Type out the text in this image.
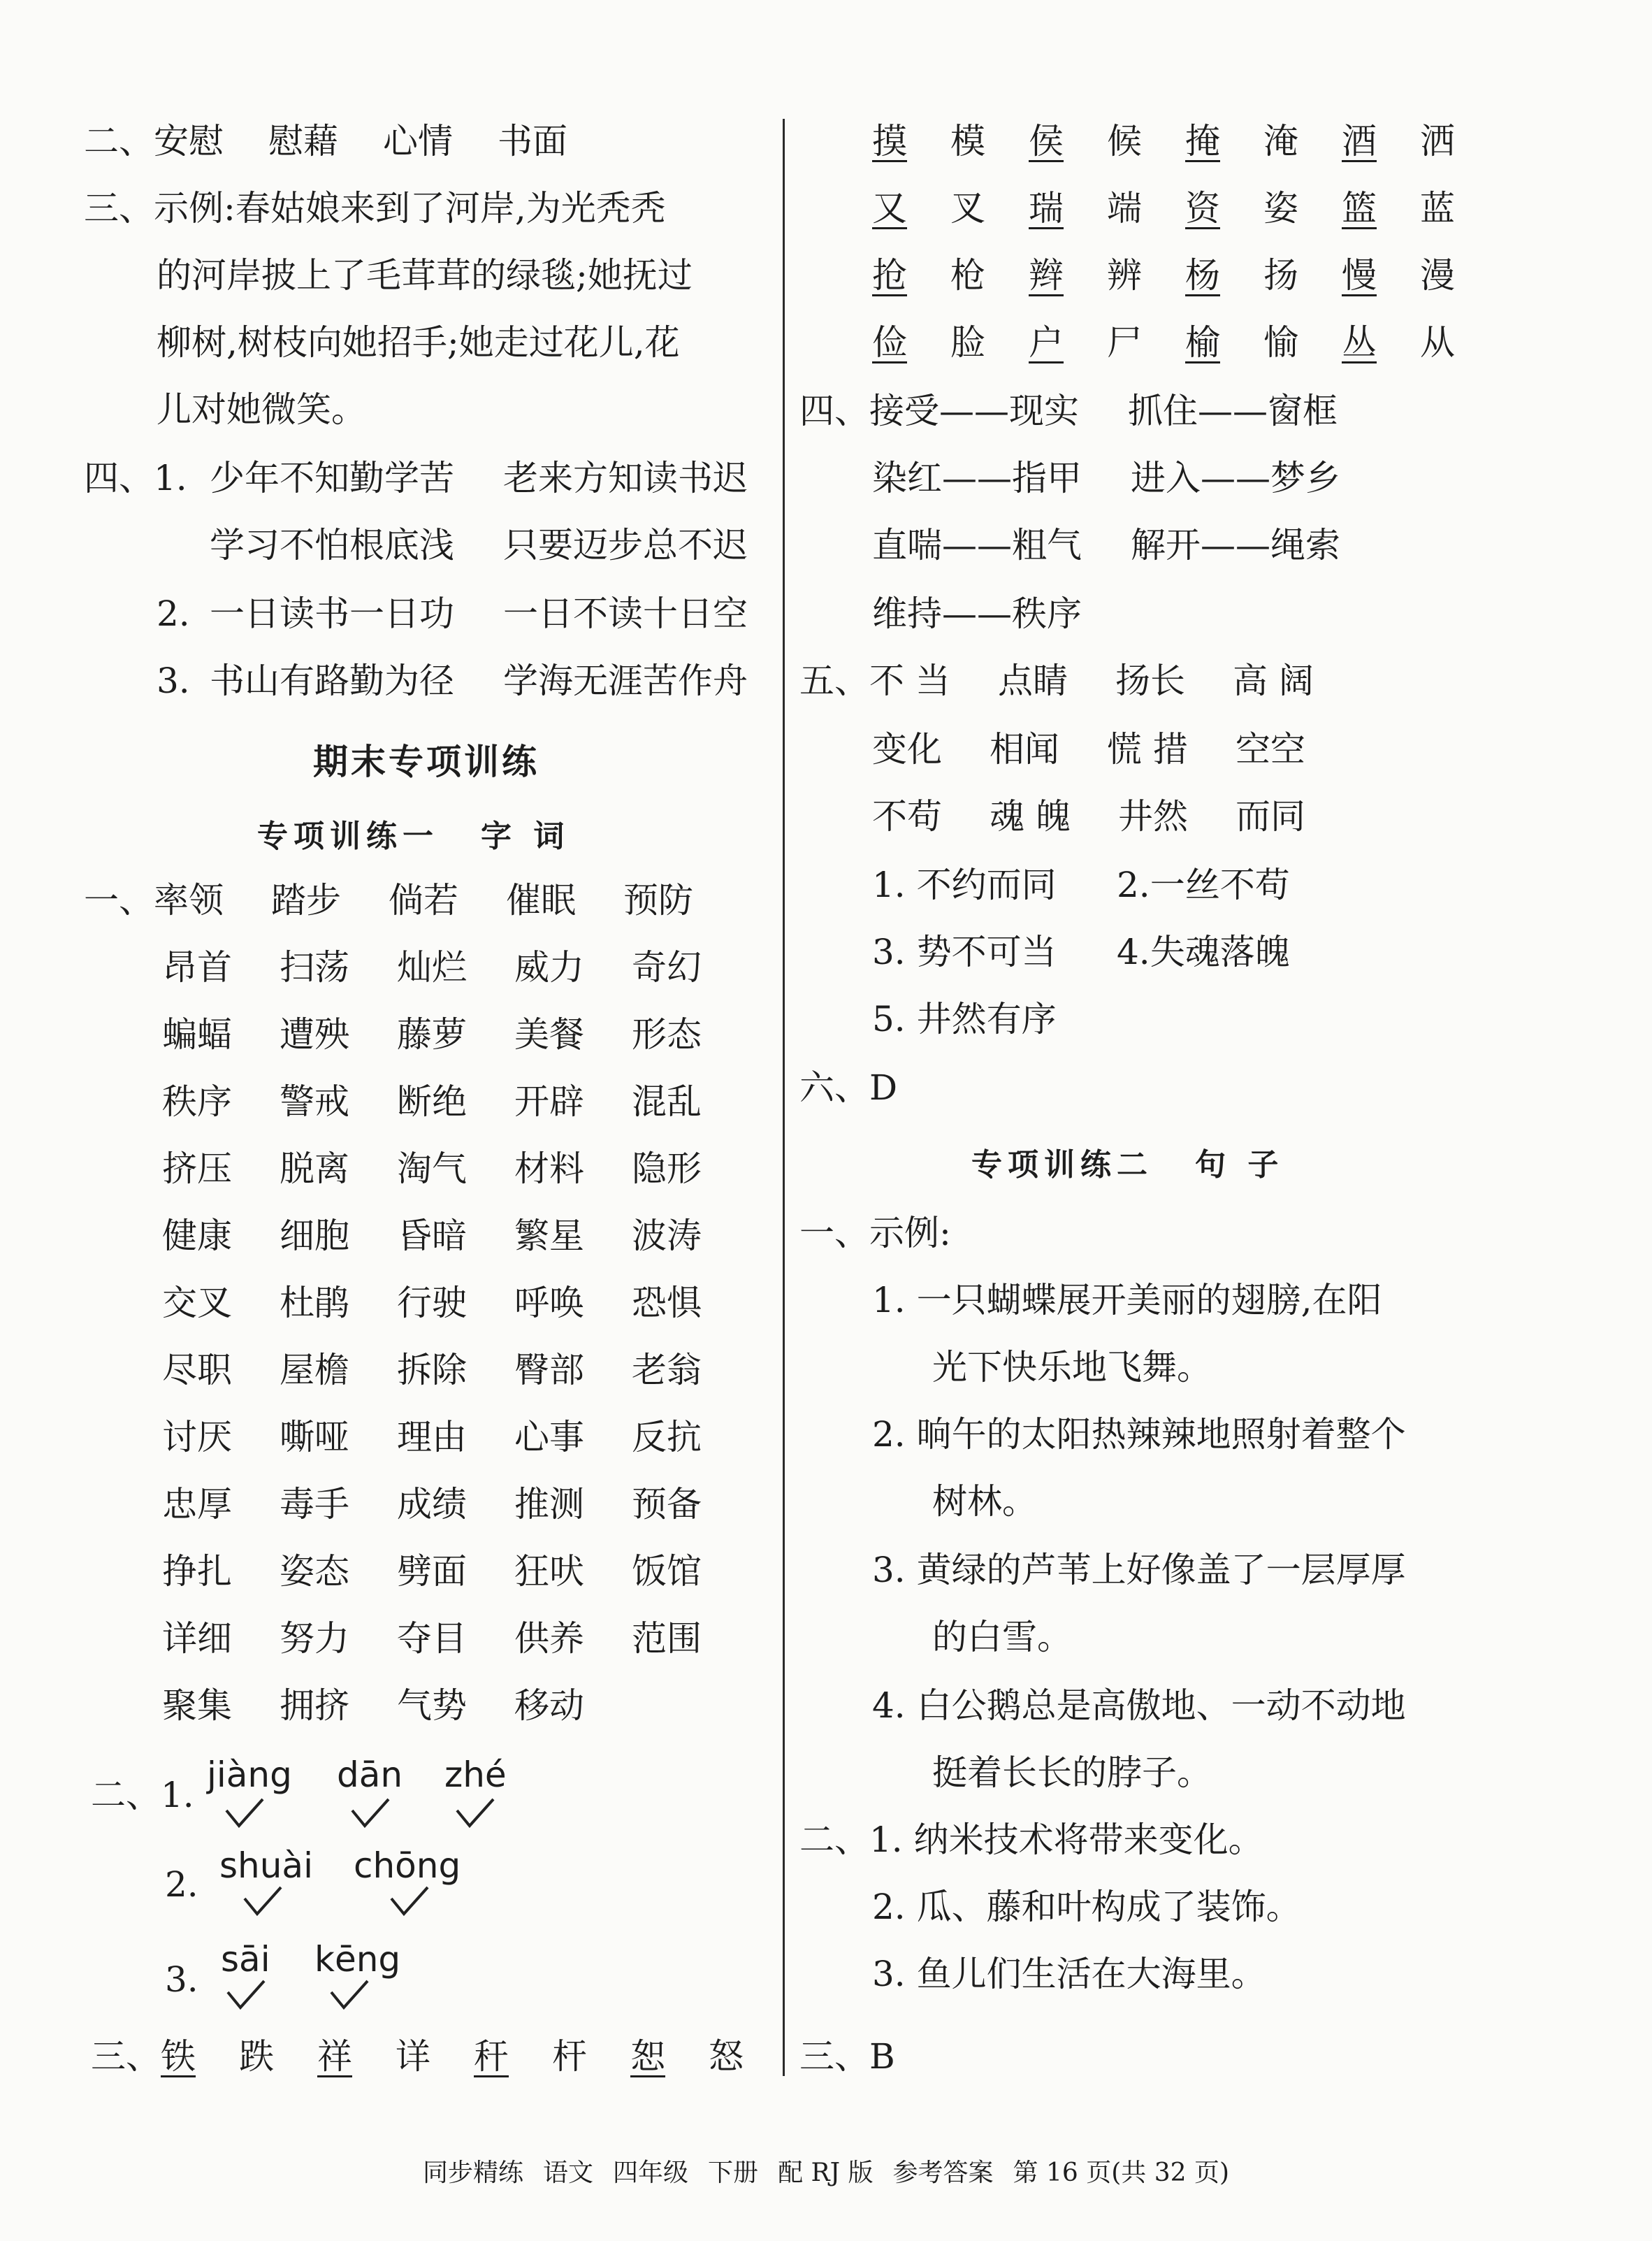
二、安慰 慰藉 心情 书面
三、示例:春姑娘来到了河岸,为光秃秃
的河岸披上了毛茸茸的绿毯;她抚过
柳树,树枝向她招手;她走过花儿,花
儿对她微笑。
四、1. 少年不知勤学苦 老来方知读书迟
学习不怕根底浅 只要迈步总不迟
2. 一日读书一日功 一日不读十日空
3. 书山有路勤为径 学海无涯苦作舟
期末专项训练
专项训练一 字 词
一、率领 踏步 倘若 催眠 预防
昂首 扫荡 灿烂 威力 奇幻
蝙蝠 遭殃 藤萝 美餐 形态
秩序 警戒 断绝 开辟 混乱
挤压 脱离 淘气 材料 隐形
健康 细胞 昏暗 繁星 波涛
交叉 杜鹃 行驶 呼唤 恐惧
尽职 屋檐 拆除 臀部 老翁
讨厌 嘶哑 理由 心事 反抗
忠厚 毒手 成绩 推测 预备
挣扎 姿态 劈面 狂吠 饭馆
详细 努力 夺目 供养 范围
聚集 拥挤 气势 移动
二、1. jiàng dān zhé
2. shuài chōng
3. sāi kēng
三、铁 跌 祥 详 秆 杆 恕 怒
摸 模 侯 候 掩 淹 酒 洒
又 叉 瑞 端 资 姿 篮 蓝
抢 枪 辫 辨 杨 扬 慢 漫
俭 脸 户 尸 榆 愉 丛 从
四、接受——现实 抓住——窗框
染红——指甲 进入——梦乡
直喘——粗气 解开——绳索
维持——秩序
五、不 当 点睛 扬长 高 阔
变化 相闻 慌 措 空空
不苟 魂 魄 井然 而同
1. 不约而同 2.一丝不苟
3. 势不可当 4.失魂落魄
5. 井然有序
六、D
专项训练二 句 子
一、示例:
1. 一只蝴蝶展开美丽的翅膀,在阳
光下快乐地飞舞。
2. 晌午的太阳热辣辣地照射着整个
树林。
3. 黄绿的芦苇上好像盖了一层厚厚
的白雪。
4. 白公鹅总是高傲地、一动不动地
挺着长长的脖子。
二、1. 纳米技术将带来变化。
2. 瓜、藤和叶构成了装饰。
3. 鱼儿们生活在大海里。
三、B
同步精练 语文 四年级 下册 配 RJ 版 参考答案 第 16 页(共 32 页)
